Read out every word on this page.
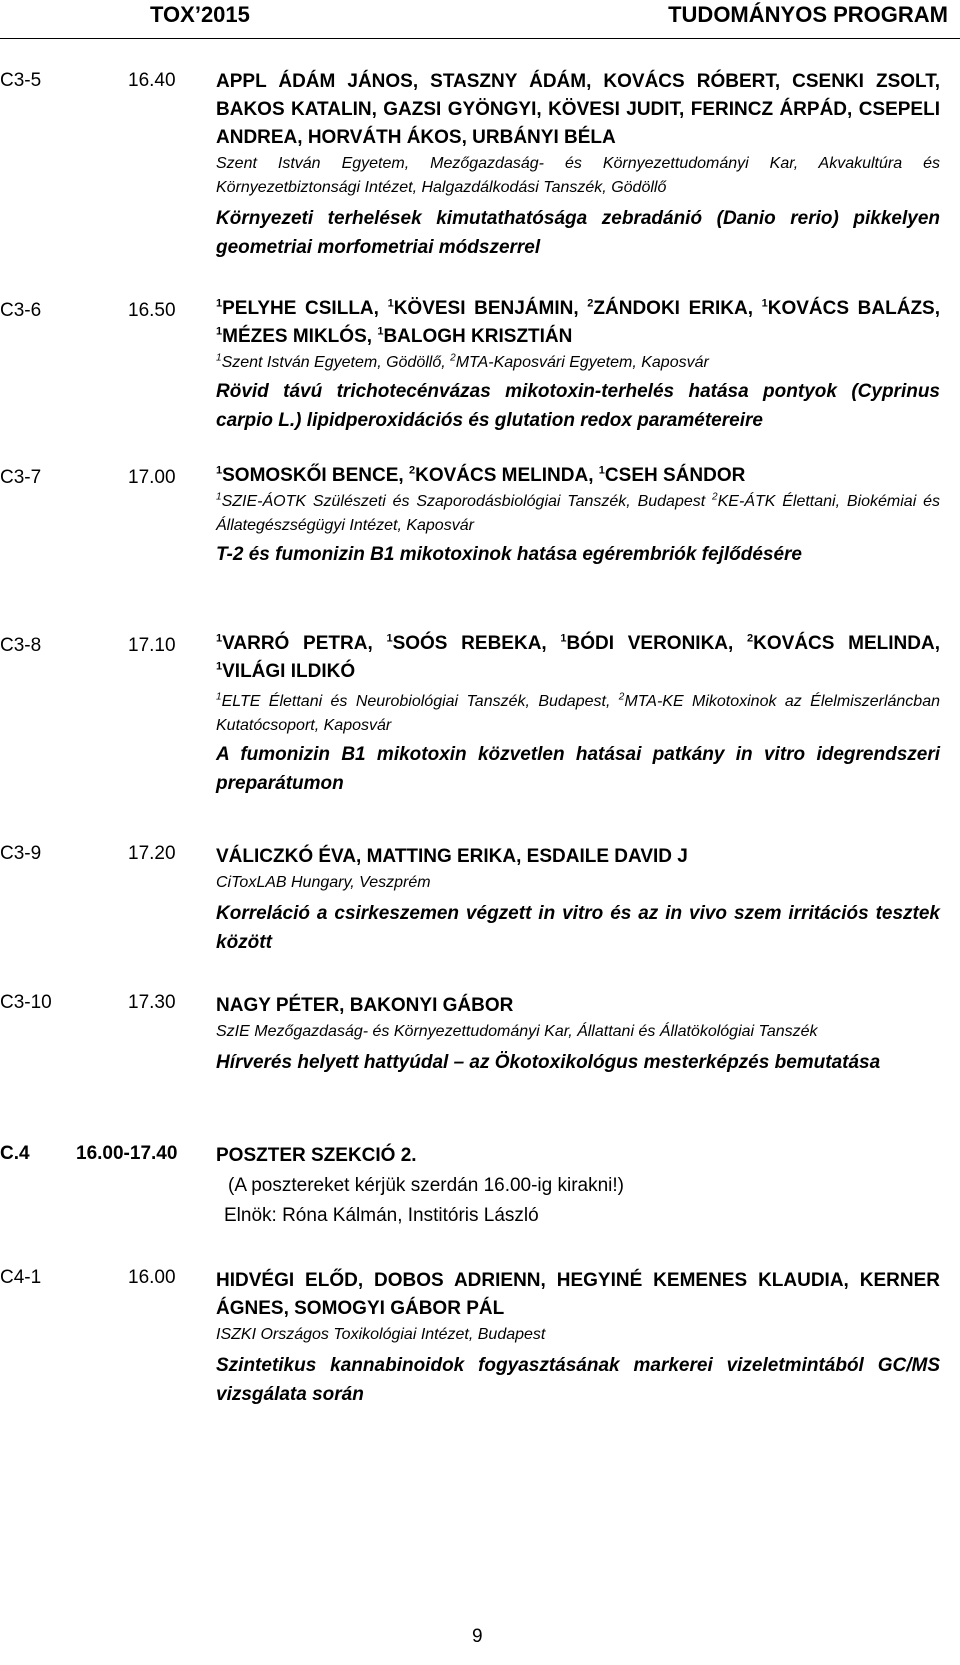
TOX’2015	TUDOMÁNYOS PROGRAM
C3-5	16.40 APPL ÁDÁM JÁNOS, STASZNY ÁDÁM, KOVÁCS RÓBERT, CSENKI ZSOLT, BAKOS KATALIN, GAZSI GYÖNGYI, KÖVESI JUDIT, FERINCZ ÁRPÁD, CSEPELI ANDREA, HORVÁTH ÁKOS, URBÁNYI BÉLA
Szent István Egyetem, Mezőgazdaság- és Környezettudományi Kar, Akvakultúra és Környezetbiztonsági Intézet, Halgazdálkodási Tanszék, Gödöllő
Környezeti terhelések kimutathatósága zebradánió (Danio rerio) pikkelyen geometriai morfometriai módszerrel
C3-6	16.50	$^1$PELYHE CSILLA, $^1$KÖVESI BENJÁMIN, $^2$ZÁNDOKI ERIKA, $^1$KOVÁCS BALÁZS, $^1$MÉZES MIKLÓS, $^1$BALOGH KRISZTIÁN
$^1$Szent István Egyetem, Gödöllő, $^2$MTA-Kaposvári Egyetem, Kaposvár
Rövid távú trichotecénvázas mikotoxin-terhelés hatása pontyok (Cyprinus carpio L.) lipidperoxidációs és glutation redox paramétereire
C3-7	17.00	$^1$SOMOSKŐI BENCE, $^2$KOVÁCS MELINDA, $^1$CSEH SÁNDOR
$^1$SZIE-ÁOTK Szülészeti és Szaporodásbiológiai Tanszék, Budapest $^2$KE-ÁTK Élettani, Biokémiai és Állategészségügyi Intézet, Kaposvár
T-2 és fumonizin B1 mikotoxinok hatása egérembriók fejlődésére
C3-8	17.10	$^1$VARRÓ PETRA, $^1$SOÓS REBEKA, $^1$BÓDI VERONIKA, $^2$KOVÁCS MELINDA, $^1$VILÁGI ILDIKÓ
$^1$ELTE Élettani és Neurobiológiai Tanszék, Budapest, $^2$MTA-KE Mikotoxinok az Élelmiszerláncban Kutatócsoport, Kaposvár
A fumonizin B1 mikotoxin közvetlen hatásai patkány in vitro idegrendszeri preparátumon
C3-9	17.20 VÁLICZKÓ ÉVA, MATTING ERIKA, ESDAILE DAVID J
CiToxLAB Hungary, Veszprém
Korreláció a csirkeszemen végzett in vitro és az in vivo szem irritációs tesztek között
C3-10	17.30 NAGY PÉTER, BAKONYI GÁBOR
SzIE Mezőgazdaság- és Környezettudományi Kar, Állattani és Állatökológiai Tanszék
Hírverés helyett hattyúdal – az Ökotoxikológus mesterképzés bemutatása
C.4 16.00-17.40 POSZTER SZEKCIÓ 2.
(A posztereket kérjük szerdán 16.00-ig kirakni!)
Elnök: Róna Kálmán, Institóris László
C4-1	16.00 HIDVÉGI ELŐD, DOBOS ADRIENN, HEGYINÉ KEMENES KLAUDIA, KERNER ÁGNES, SOMOGYI GÁBOR PÁL
ISZKI Országos Toxikológiai Intézet, Budapest
Szintetikus kannabinoidok fogyasztásának markerei vizeletmintából GC/MS vizsgálata során
9
